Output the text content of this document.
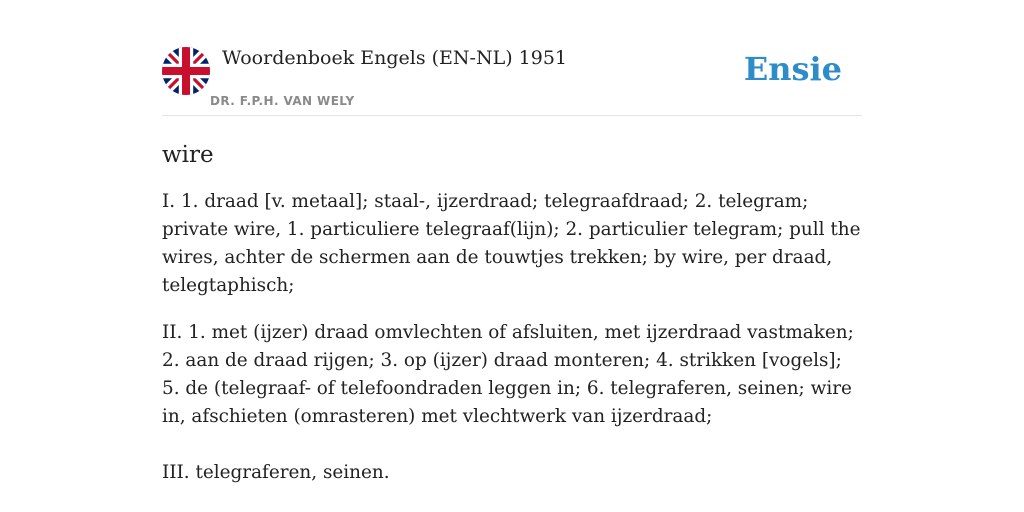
Woordenboek Engels (EN-NL) 1951
DR. F.P.H. VAN WELY
Ensie
wire

I. 1. draad [v. metaal]; staal-, ijzerdraad; telegraafdraad; 2. telegram; private wire, 1. particuliere telegraaf(lijn); 2. particulier telegram; pull the wires, achter de schermen aan de touwtjes trekken; by wire, per draad, telegtaphisch;

II. 1. met (ijzer) draad omvlechten of afsluiten, met ijzerdraad vastmaken; 2. aan de draad rijgen; 3. op (ijzer) draad monteren; 4. strikken [vogels]; 5. de (telegraaf- of telefoondraden leggen in; 6. telegraferen, seinen; wire in, afschieten (omrasteren) met vlechtwerk van ijzerdraad;

III. telegraferen, seinen.
